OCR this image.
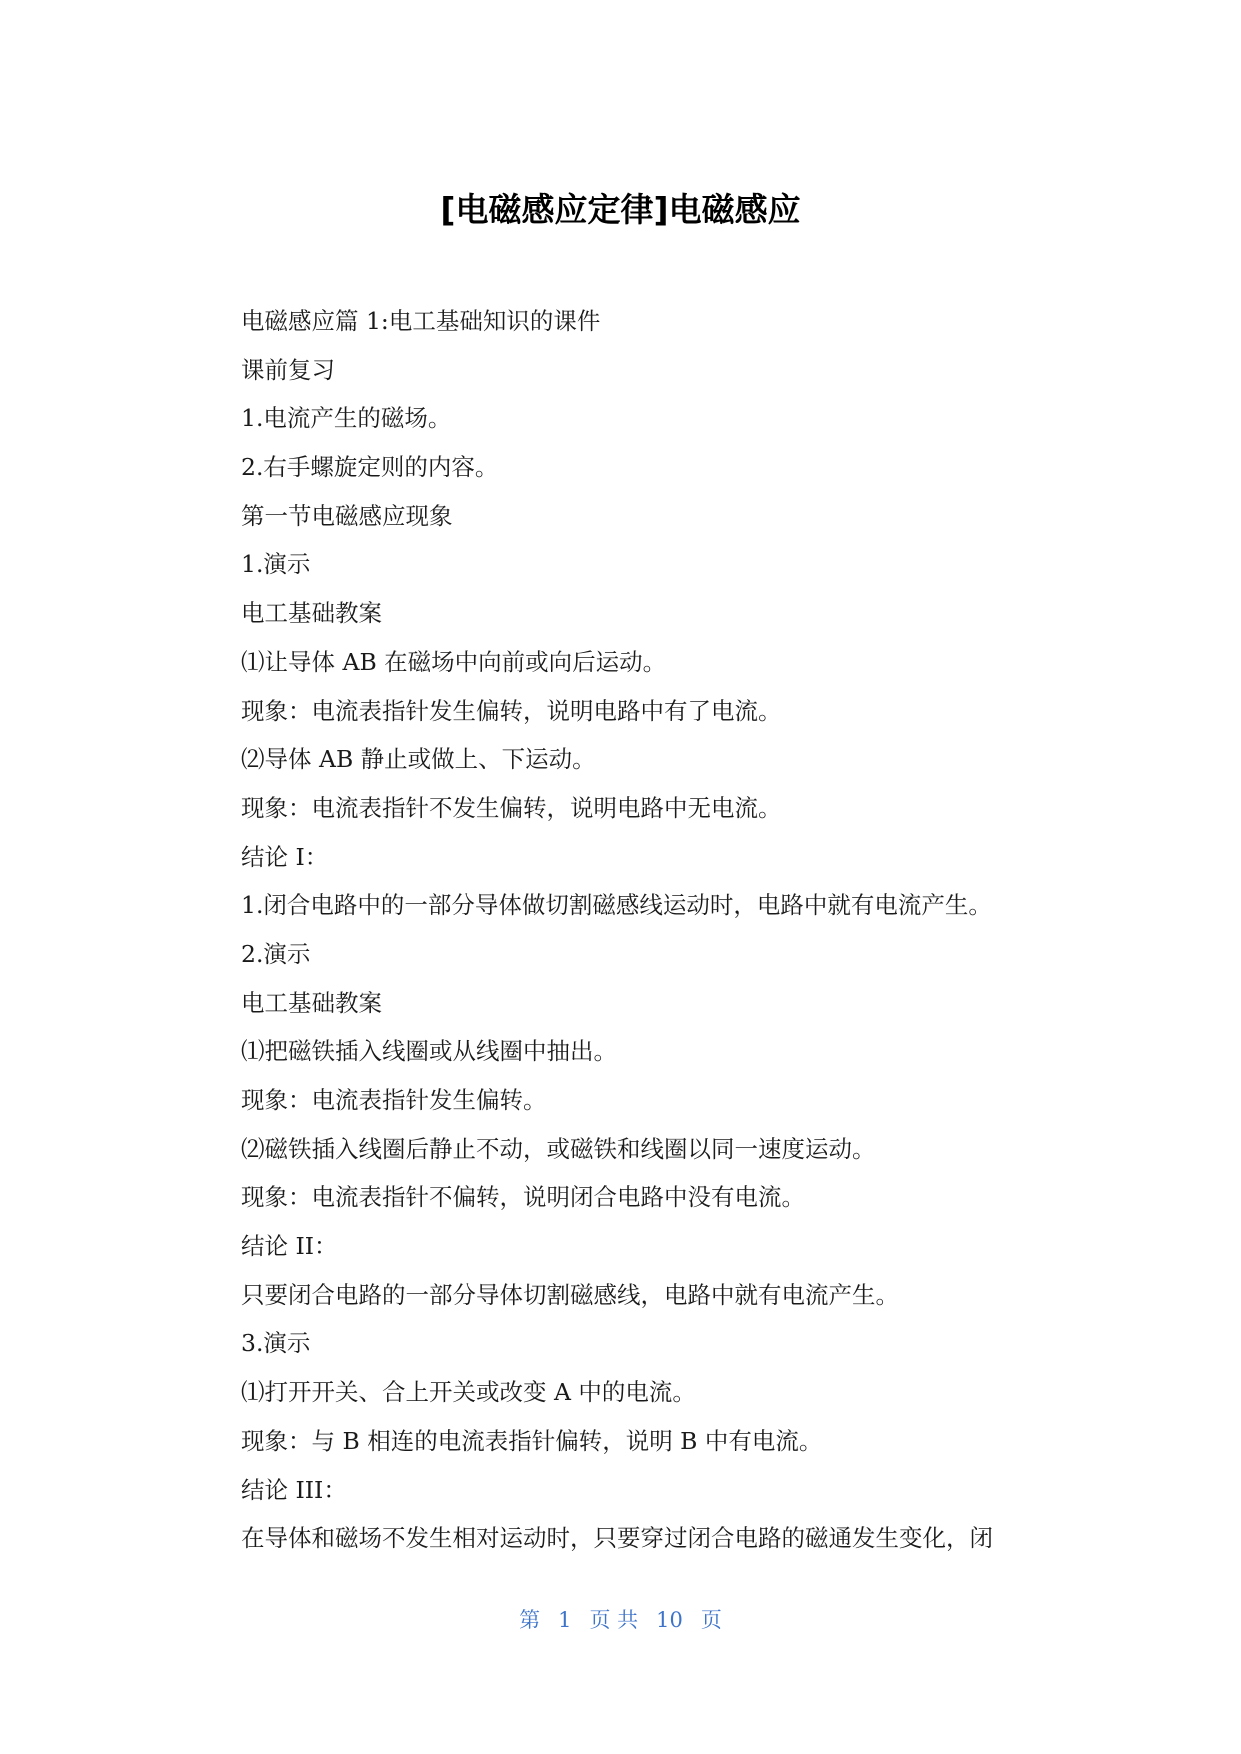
[电磁感应定律]电磁感应
电磁感应篇 1:电工基础知识的课件
课前复习
1.电流产生的磁场。
2.右手螺旋定则的内容。
第一节电磁感应现象
1.演示
电工基础教案
⑴让导体 AB 在磁场中向前或向后运动。
现象：电流表指针发生偏转，说明电路中有了电流。
⑵导体 AB 静止或做上、下运动。
现象：电流表指针不发生偏转，说明电路中无电流。
结论 I：
1.闭合电路中的一部分导体做切割磁感线运动时，电路中就有电流产生。
2.演示
电工基础教案
⑴把磁铁插入线圈或从线圈中抽出。
现象：电流表指针发生偏转。
⑵磁铁插入线圈后静止不动，或磁铁和线圈以同一速度运动。
现象：电流表指针不偏转，说明闭合电路中没有电流。
结论 II：
只要闭合电路的一部分导体切割磁感线，电路中就有电流产生。
3.演示
⑴打开开关、合上开关或改变 A 中的电流。
现象：与 B 相连的电流表指针偏转，说明 B 中有电流。
结论 III：
在导体和磁场不发生相对运动时，只要穿过闭合电路的磁通发生变化，闭
第 1 页 共 10 页
